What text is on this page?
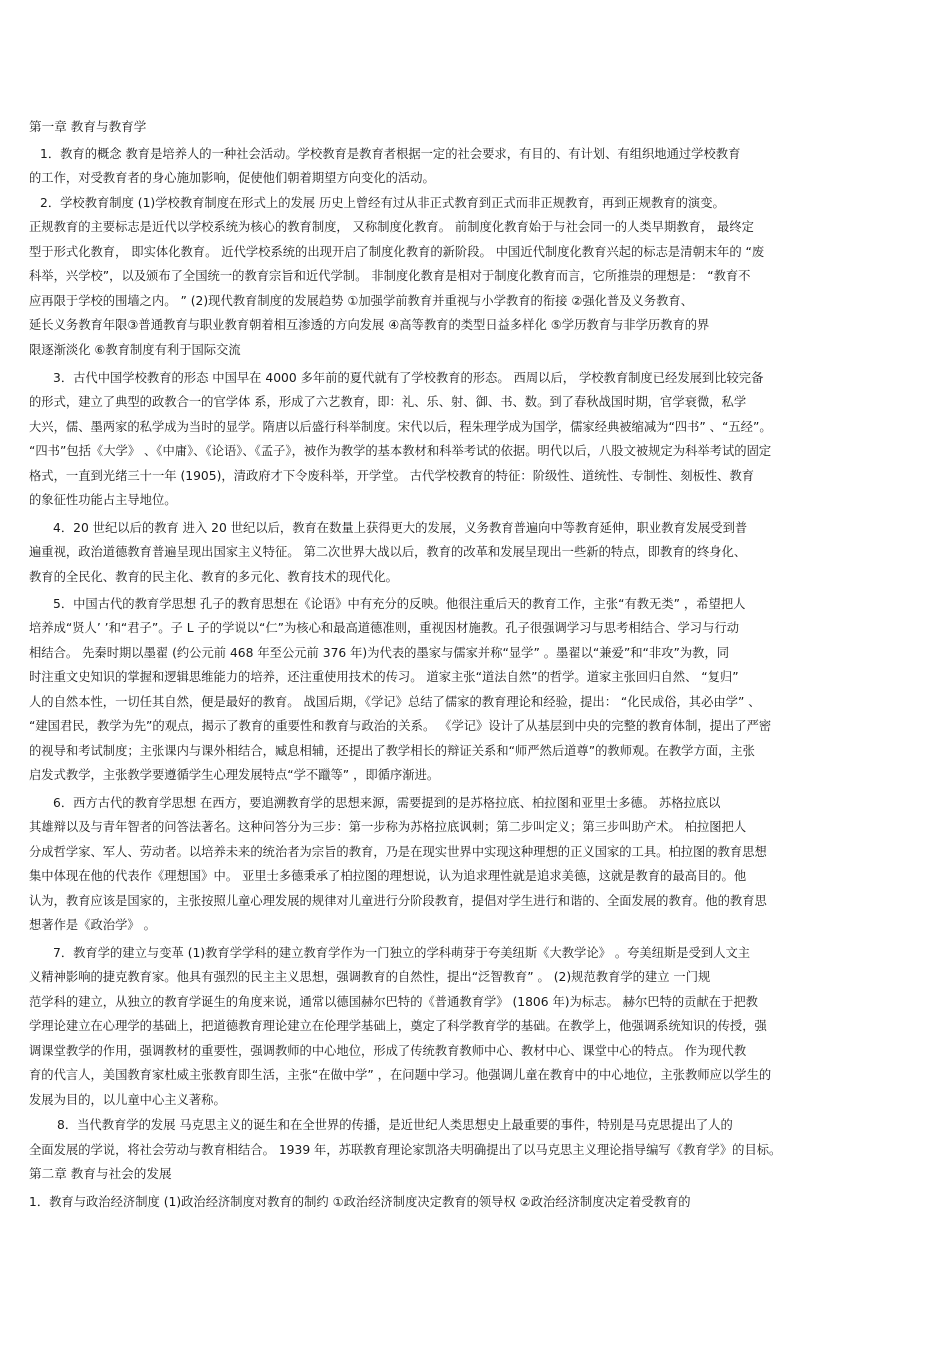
第一章 教育与教育学
1．教育的概念 教育是培养人的一种社会活动。学校教育是教育者根据一定的社会要求，有目的、有计划、有组织地通过学校教育
的工作，对受教育者的身心施加影响，促使他们朝着期望方向变化的活动。
2．学校教育制度 (1)学校教育制度在形式上的发展 历史上曾经有过从非正式教育到正式而非正规教育，再到正规教育的演变。
正规教育的主要标志是近代以学校系统为核心的教育制度， 又称制度化教育。 前制度化教育始于与社会同一的人类早期教育， 最终定
型于形式化教育， 即实体化教育。 近代学校系统的出现开启了制度化教育的新阶段。 中国近代制度化教育兴起的标志是清朝末年的 “废
科举，兴学校”，以及颁布了全国统一的教育宗旨和近代学制。 非制度化教育是相对于制度化教育而言，它所推崇的理想是： “教育不
应再限于学校的围墙之内。 ” (2)现代教育制度的发展趋势 ①加强学前教育并重视与小学教育的衔接 ②强化普及义务教育、
延长义务教育年限③普通教育与职业教育朝着相互渗透的方向发展 ④高等教育的类型日益多样化 ⑤学历教育与非学历教育的界
限逐渐淡化 ⑥教育制度有利于国际交流
3．古代中国学校教育的形态 中国早在 4000 多年前的夏代就有了学校教育的形态。 西周以后， 学校教育制度已经发展到比较完备
的形式，建立了典型的政教合一的官学体 系，形成了六艺教育，即：礼、乐、射、御、书、数。到了春秋战国时期，官学衰微，私学
大兴，儒、墨两家的私学成为当时的显学。隋唐以后盛行科举制度。宋代以后，程朱理学成为国学，儒家经典被缩减为“四书” 、“五经”。
“四书”包括《大学》 、《中庸》、《论语》、《孟子》，被作为教学的基本教材和科举考试的依据。明代以后，八股文被规定为科举考试的固定
格式，一直到光绪三十一年 (1905)，清政府才下令废科举，开学堂。 古代学校教育的特征：阶级性、道统性、专制性、刻板性、教育
的象征性功能占主导地位。
4．20 世纪以后的教育 进入 20 世纪以后，教育在数量上获得更大的发展，义务教育普遍向中等教育延伸，职业教育发展受到普
遍重视，政治道德教育普遍呈现出国家主义特征。 第二次世界大战以后，教育的改革和发展呈现出一些新的特点，即教育的终身化、
教育的全民化、教育的民主化、教育的多元化、教育技术的现代化。
5．中国古代的教育学思想 孔子的教育思想在《论语》中有充分的反映。他很注重后天的教育工作，主张“有教无类” ，希望把人
培养成“贤人’ ’和“君子”。子 L 子的学说以“仁”为核心和最高道德准则，重视因材施教。孔子很强调学习与思考相结合、学习与行动
相结合。 先秦时期以墨翟 (约公元前 468 年至公元前 376 年)为代表的墨家与儒家并称“显学” 。墨翟以“兼爱”和“非攻”为教，同
时注重文史知识的掌握和逻辑思维能力的培养，还注重使用技术的传习。 道家主张“道法自然”的哲学。道家主张回归自然、 “复归”
人的自然本性，一切任其自然，便是最好的教育。 战国后期，《学记》总结了儒家的教育理论和经验，提出： “化民成俗，其必由学” 、
“建国君民，教学为先”的观点，揭示了教育的重要性和教育与政治的关系。 《学记》设计了从基层到中央的完整的教育体制，提出了严密
的视导和考试制度；主张课内与课外相结合，臧息相辅，还提出了教学相长的辩证关系和“师严然后道尊”的教师观。在教学方面，主张
启发式教学，主张教学要遵循学生心理发展特点“学不躐等” ，即循序渐进。
6．西方古代的教育学思想 在西方，要追溯教育学的思想来源，需要提到的是苏格拉底、柏拉图和亚里士多德。 苏格拉底以
其雄辩以及与青年智者的问答法著名。这种问答分为三步：第一步称为苏格拉底讽刺；第二步叫定义；第三步叫助产术。 柏拉图把人
分成哲学家、军人、劳动者。以培养未来的统治者为宗旨的教育，乃是在现实世界中实现这种理想的正义国家的工具。柏拉图的教育思想
集中体现在他的代表作《理想国》中。 亚里士多德秉承了柏拉图的理想说，认为追求理性就是追求美德，这就是教育的最高目的。他
认为，教育应该是国家的，主张按照儿童心理发展的规律对儿童进行分阶段教育，提倡对学生进行和谐的、全面发展的教育。他的教育思
想著作是《政治学》 。
7．教育学的建立与变革 (1)教育学学科的建立教育学作为一门独立的学科萌芽于夸美纽斯《大教学论》 。夸美纽斯是受到人文主
义精神影响的捷克教育家。他具有强烈的民主主义思想，强调教育的自然性，提出“泛智教育” 。 (2)规范教育学的建立 一门规
范学科的建立，从独立的教育学诞生的角度来说，通常以德国赫尔巴特的《普通教育学》 (1806 年)为标志。 赫尔巴特的贡献在于把教
学理论建立在心理学的基础上，把道德教育理论建立在伦理学基础上，奠定了科学教育学的基础。在教学上，他强调系统知识的传授，强
调课堂教学的作用，强调教材的重要性，强调教师的中心地位，形成了传统教育教师中心、教材中心、课堂中心的特点。 作为现代教
育的代言人，美国教育家杜威主张教育即生活，主张“在做中学” ，在问题中学习。他强调儿童在教育中的中心地位，主张教师应以学生的
发展为目的，以儿童中心主义著称。
8．当代教育学的发展 马克思主义的诞生和在全世界的传播，是近世纪人类思想史上最重要的事件，特别是马克思提出了人的
全面发展的学说，将社会劳动与教育相结合。 1939 年，苏联教育理论家凯洛夫明确提出了以马克思主义理论指导编写《教育学》的目标。
第二章 教育与社会的发展
1．教育与政治经济制度 (1)政治经济制度对教育的制约 ①政治经济制度决定教育的领导权 ②政治经济制度决定着受教育的
